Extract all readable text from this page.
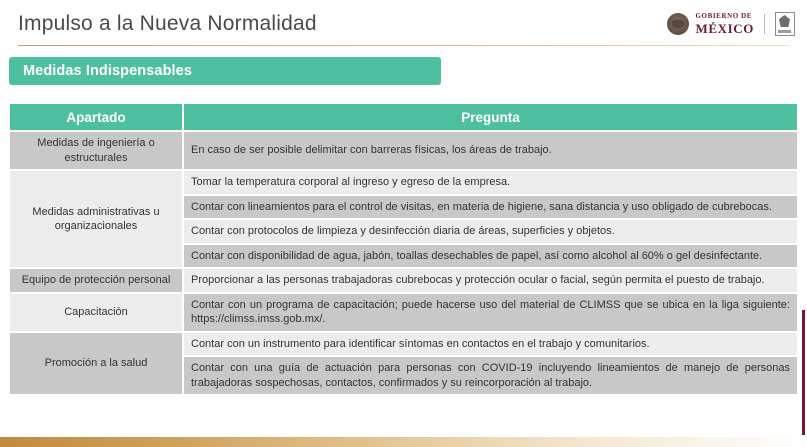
Impulso a la Nueva Normalidad	GOBIERNO DE
MÉXICO
Medidas Indispensables
Apartado	Pregunta
Medidas de ingeniería o estructurales	En caso de ser posible delimitar con barreras físicas, los áreas de trabajo.
Medidas administrativas u organizacionales	Tomar la temperatura corporal al ingreso y egreso de la empresa.
	Contar con lineamientos para el control de visitas, en materia de higiene, sana distancia y uso obligado de cubrebocas.
	Contar con protocolos de limpieza y desinfección diaria de áreas, superficies y objetos.
	Contar con disponibilidad de agua, jabón, toallas desechables de papel, así como alcohol al 60% o gel desinfectante.
Equipo de protección personal	Proporcionar a las personas trabajadoras cubrebocas y protección ocular o facial, según permita el puesto de trabajo.
Capacitación	Contar con un programa de capacitación; puede hacerse uso del material de CLIMSS que se ubica en la liga siguiente: https://climss.imss.gob.mx/.
Promoción a la salud	Contar con un instrumento para identificar síntomas en contactos en el trabajo y comunitarios.
	Contar con una guía de actuación para personas con COVID-19 incluyendo lineamientos de manejo de personas trabajadoras sospechosas, contactos, confirmados y su reincorporación al trabajo.
